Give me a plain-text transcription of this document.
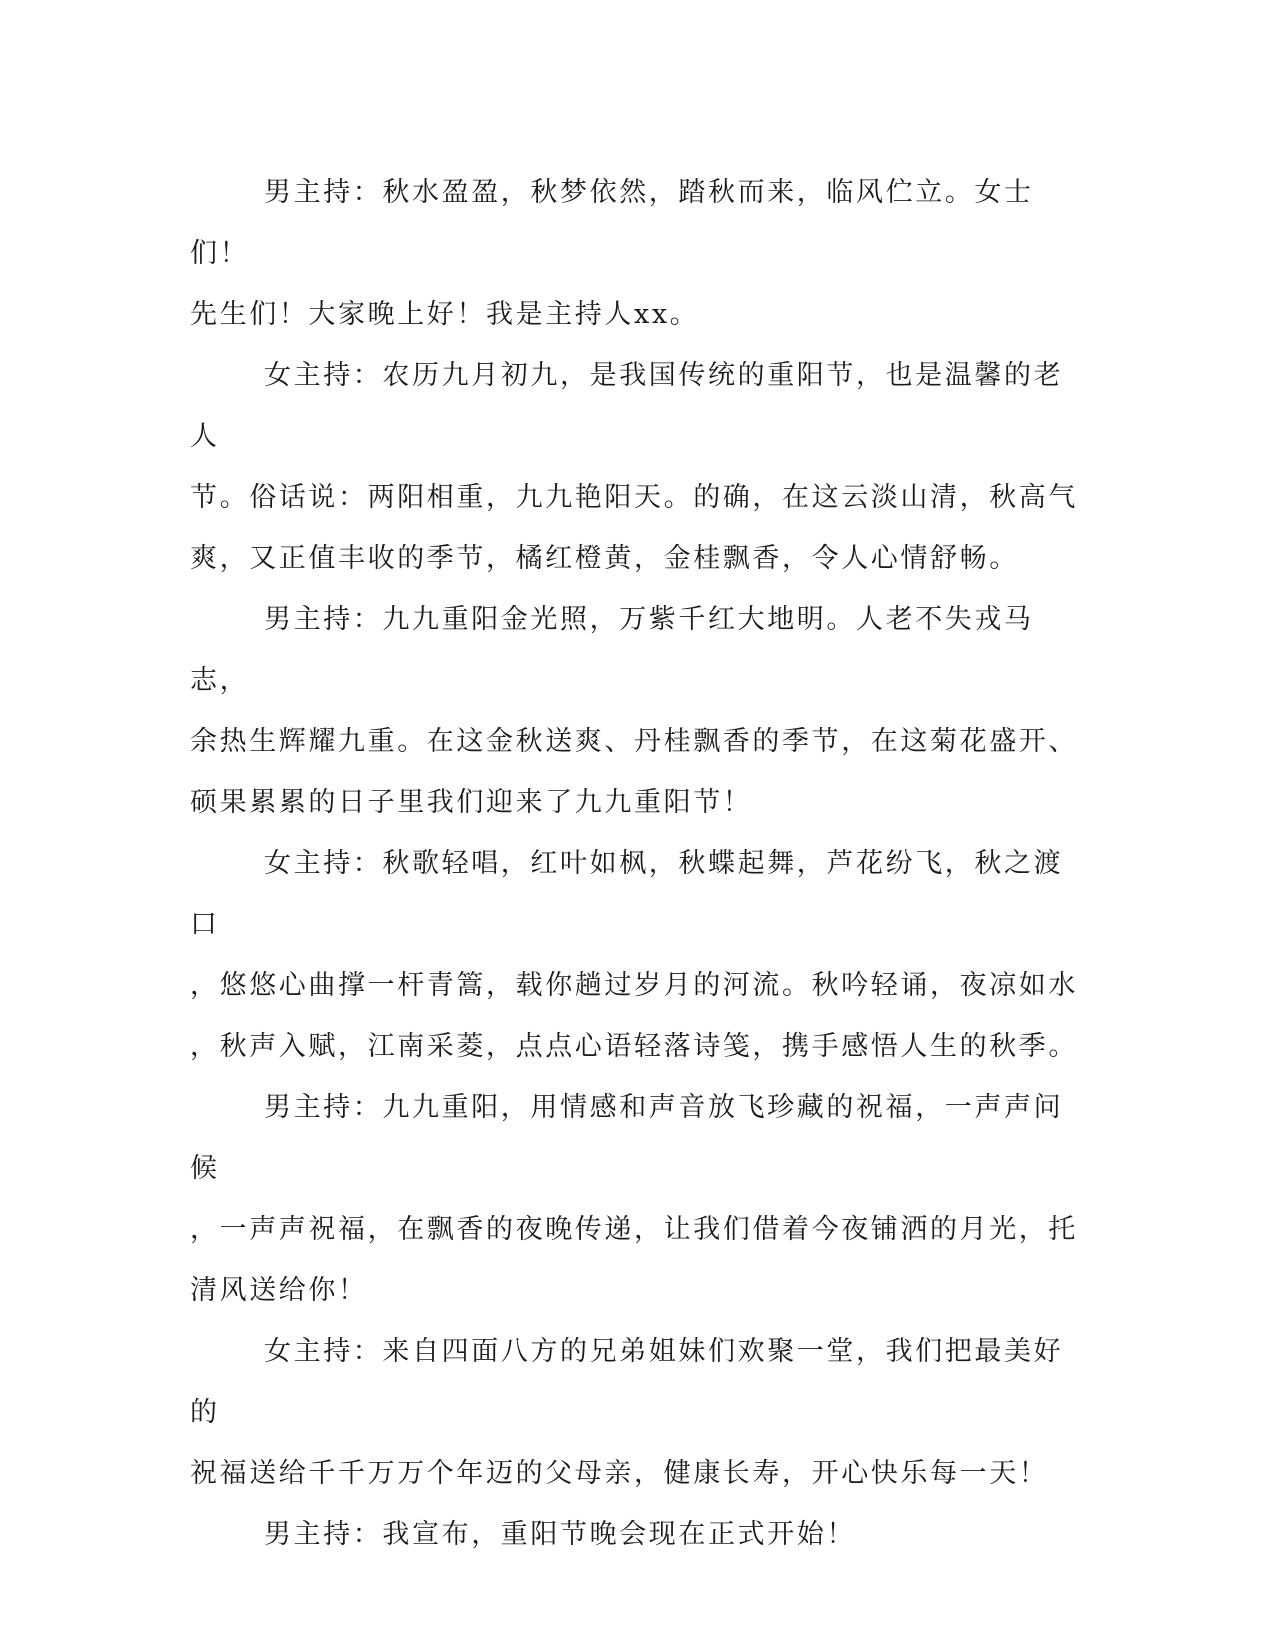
男主持：秋水盈盈，秋梦依然，踏秋而来，临风伫立。女士们！
先生们！大家晚上好！我是主持人xx。

女主持：农历九月初九，是我国传统的重阳节，也是温馨的老人
节。俗话说：两阳相重，九九艳阳天。的确，在这云淡山清，秋高气
爽，又正值丰收的季节，橘红橙黄，金桂飘香，令人心情舒畅。

男主持：九九重阳金光照，万紫千红大地明。人老不失戎马志，
余热生辉耀九重。在这金秋送爽、丹桂飘香的季节，在这菊花盛开、
硕果累累的日子里我们迎来了九九重阳节！

女主持：秋歌轻唱，红叶如枫，秋蝶起舞，芦花纷飞，秋之渡口
，悠悠心曲撑一杆青篙，载你趟过岁月的河流。秋吟轻诵，夜凉如水
，秋声入赋，江南采菱，点点心语轻落诗笺，携手感悟人生的秋季。

男主持：九九重阳，用情感和声音放飞珍藏的祝福，一声声问候
，一声声祝福，在飘香的夜晚传递，让我们借着今夜铺洒的月光，托
清风送给你！

女主持：来自四面八方的兄弟姐妹们欢聚一堂，我们把最美好的
祝福送给千千万万个年迈的父母亲，健康长寿，开心快乐每一天！

男主持：我宣布，重阳节晚会现在正式开始！
